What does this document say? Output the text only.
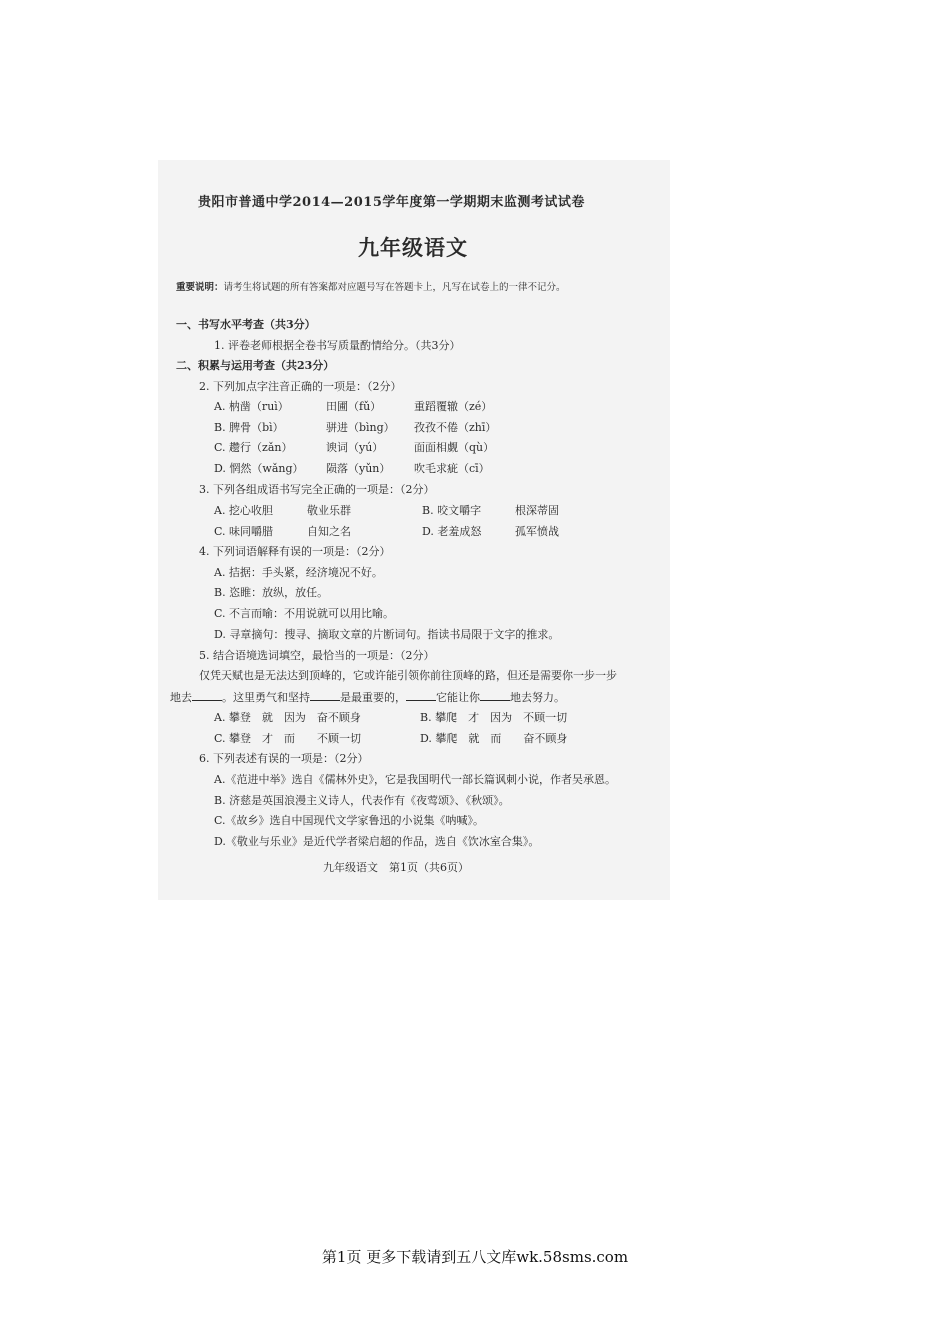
贵阳市普通中学2014—2015学年度第一学期期末监测考试试卷
九年级语文
重要说明：请考生将试题的所有答案都对应题号写在答题卡上，凡写在试卷上的一律不记分。
一、书写水平考查（共3分）
1. 评卷老师根据全卷书写质量酌情给分。（共3分）
二、积累与运用考查（共23分）
2. 下列加点字注音正确的一项是：（2分）
A. 枘凿（ruì）	田圃（fǔ）	重蹈覆辙（zé）
B. 脾骨（bì）	骈进（bìng） 孜孜不倦（zhī）
C. 趱行（zǎn）	谀词（yú）	面面相觑（qù）
D. 惘然（wǎng） 陨落（yǔn） 吹毛求疵（cī）
3. 下列各组成语书写完全正确的一项是：（2分）
A. 挖心收胆	敬业乐群	B. 咬文嚼字	根深蒂固
C. 味同嚼腊	自知之名	D. 老羞成怒	孤军愤战
4. 下列词语解释有误的一项是：（2分）
A. 拮据：手头紧，经济境况不好。
B. 恣睢：放纵，放任。
C. 不言而喻：不用说就可以用比喻。
D. 寻章摘句：搜寻、摘取文章的片断词句。指读书局限于文字的推求。
5. 结合语境选词填空，最恰当的一项是：（2分）
仅凭天赋也是无法达到顶峰的，它或许能引领你前往顶峰的路，但还是需要你一步一步
地去	。这里勇气和坚持	是最重要的，	它能让你	地去努力。
A. 攀登　就　因为　奋不顾身	B. 攀爬　才　因为　不顾一切
C. 攀登　才　而　　不顾一切	D. 攀爬　就　而　　奋不顾身
6. 下列表述有误的一项是：（2分）
A.《范进中举》选自《儒林外史》，它是我国明代一部长篇讽刺小说，作者吴承恩。
B. 济慈是英国浪漫主义诗人，代表作有《夜莺颂》、《秋颂》。
C.《故乡》选自中国现代文学家鲁迅的小说集《呐喊》。
D.《敬业与乐业》是近代学者梁启超的作品，选自《饮冰室合集》。
九年级语文　第1页（共6页）
第1页 更多下载请到五八文库wk.58sms.com
